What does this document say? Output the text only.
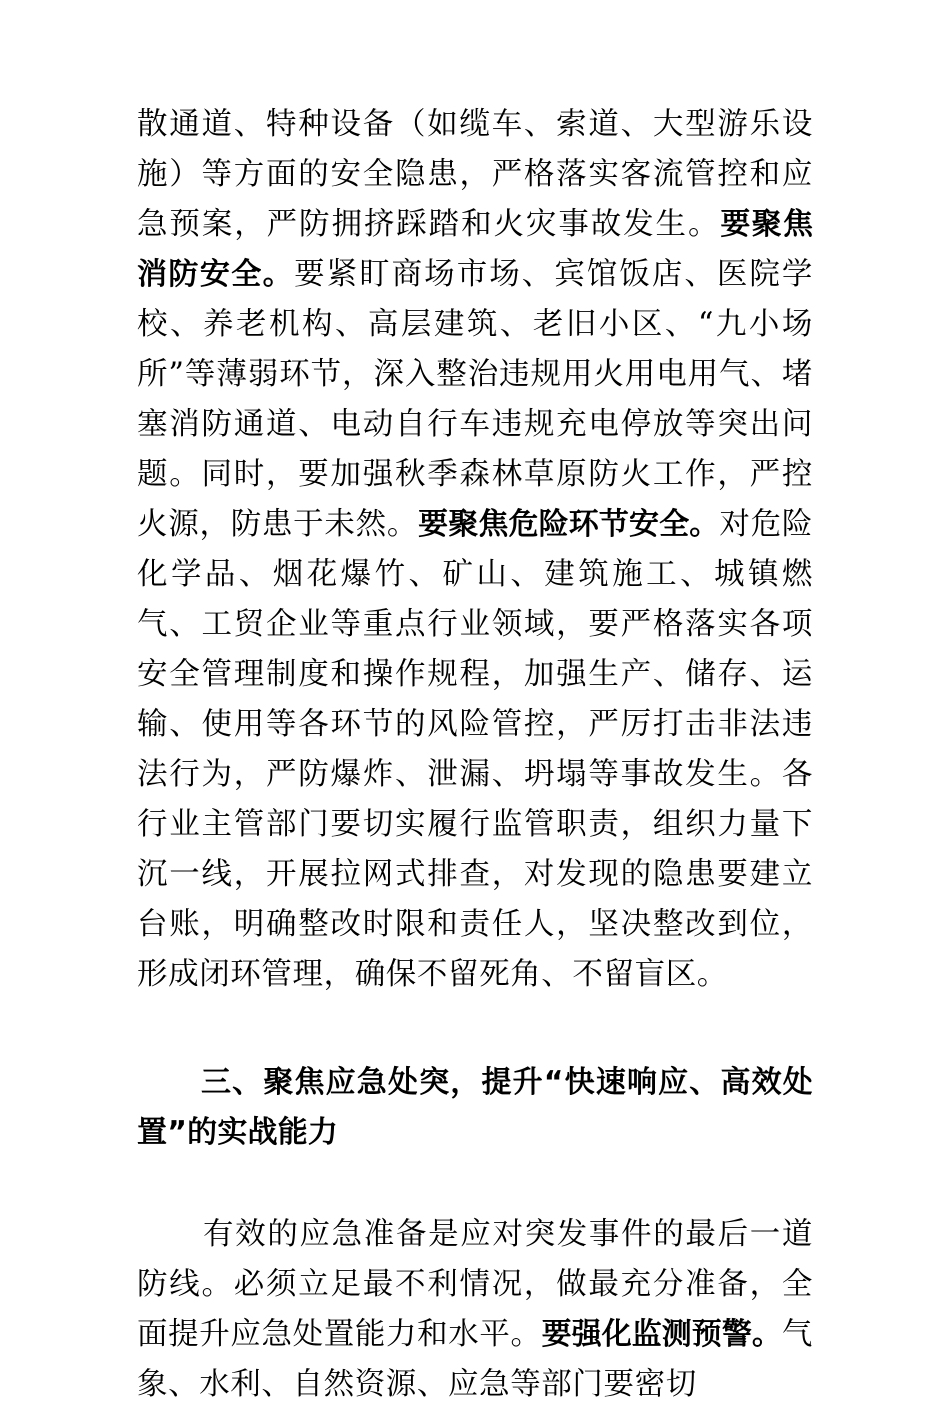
散通道、特种设备（如缆车、索道、大型游乐设施）等方面的安全隐患，严格落实客流管控和应急预案，严防拥挤踩踏和火灾事故发生。要聚焦消防安全。要紧盯商场市场、宾馆饭店、医院学校、养老机构、高层建筑、老旧小区、“九小场所”等薄弱环节，深入整治违规用火用电用气、堵塞消防通道、电动自行车违规充电停放等突出问题。同时，要加强秋季森林草原防火工作，严控火源，防患于未然。要聚焦危险环节安全。对危险化学品、烟花爆竹、矿山、建筑施工、城镇燃气、工贸企业等重点行业领域，要严格落实各项安全管理制度和操作规程，加强生产、储存、运输、使用等各环节的风险管控，严厉打击非法违法行为，严防爆炸、泄漏、坍塌等事故发生。各行业主管部门要切实履行监管职责，组织力量下沉一线，开展拉网式排查，对发现的隐患要建立台账，明确整改时限和责任人，坚决整改到位，形成闭环管理，确保不留死角、不留盲区。

三、聚焦应急处突，提升“快速响应、高效处置”的实战能力

有效的应急准备是应对突发事件的最后一道防线。必须立足最不利情况，做最充分准备，全面提升应急处置能力和水平。要强化监测预警。气象、水利、自然资源、应急等部门要密切
